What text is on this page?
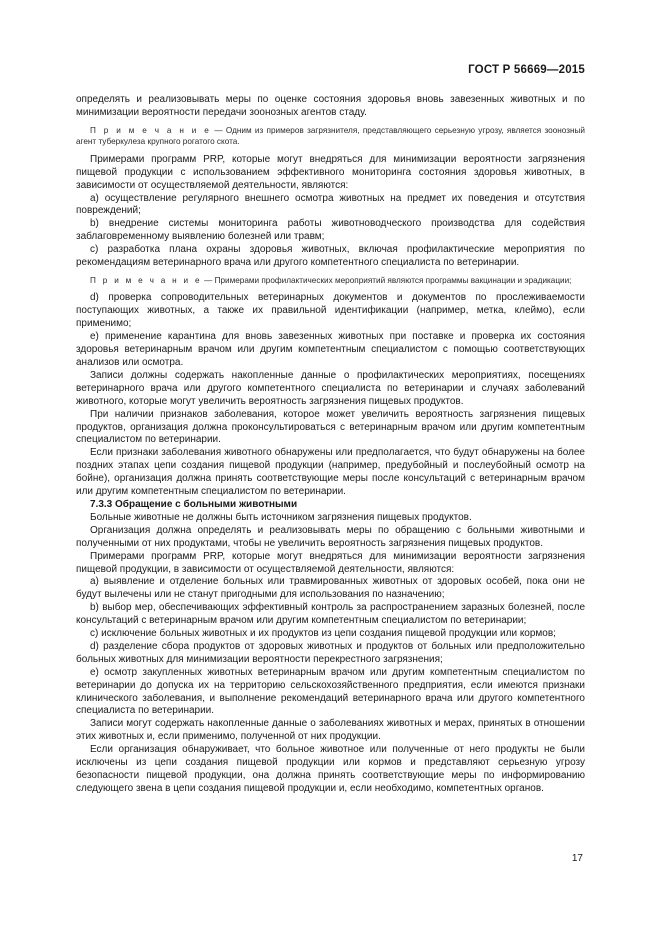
ГОСТ Р 56669—2015

определять и реализовывать меры по оценке состояния здоровья вновь завезенных животных и по минимизации вероятности передачи зоонозных агентов стаду.

П р и м е ч а н и е — Одним из примеров загрязнителя, представляющего серьезную угрозу, является зоонозный агент туберкулеза крупного рогатого скота.

Примерами программ PRP, которые могут внедряться для минимизации вероятности загрязнения пищевой продукции с использованием эффективного мониторинга состояния здоровья животных, в зависимости от осуществляемой деятельности, являются:

a) осуществление регулярного внешнего осмотра животных на предмет их поведения и отсутствия повреждений;

b) внедрение системы мониторинга работы животноводческого производства для содействия заблаговременному выявлению болезней или травм;

c) разработка плана охраны здоровья животных, включая профилактические мероприятия по рекомендациям ветеринарного врача или другого компетентного специалиста по ветеринарии.

П р и м е ч а н и е — Примерами профилактических мероприятий являются программы вакцинации и эрадикации;

d) проверка сопроводительных ветеринарных документов и документов по прослеживаемости поступающих животных, а также их правильной идентификации (например, метка, клеймо), если применимо;

e) применение карантина для вновь завезенных животных при поставке и проверка их состояния здоровья ветеринарным врачом или другим компетентным специалистом с помощью соответствующих анализов или осмотра.

Записи должны содержать накопленные данные о профилактических мероприятиях, посещениях ветеринарного врача или другого компетентного специалиста по ветеринарии и случаях заболеваний животного, которые могут увеличить вероятность загрязнения пищевых продуктов.

При наличии признаков заболевания, которое может увеличить вероятность загрязнения пищевых продуктов, организация должна проконсультироваться с ветеринарным врачом или другим компетентным специалистом по ветеринарии.

Если признаки заболевания животного обнаружены или предполагается, что будут обнаружены на более поздних этапах цепи создания пищевой продукции (например, предубойный и послеубойный осмотр на бойне), организация должна принять соответствующие меры после консультаций с ветеринарным врачом или другим компетентным специалистом по ветеринарии.

7.3.3 Обращение с больными животными

Больные животные не должны быть источником загрязнения пищевых продуктов.

Организация должна определять и реализовывать меры по обращению с больными животными и полученными от них продуктами, чтобы не увеличить вероятность загрязнения пищевых продуктов.

Примерами программ PRP, которые могут внедряться для минимизации вероятности загрязнения пищевой продукции, в зависимости от осуществляемой деятельности, являются:

a) выявление и отделение больных или травмированных животных от здоровых особей, пока они не будут вылечены или не станут пригодными для использования по назначению;

b) выбор мер, обеспечивающих эффективный контроль за распространением заразных болезней, после консультаций с ветеринарным врачом или другим компетентным специалистом по ветеринарии;

c) исключение больных животных и их продуктов из цепи создания пищевой продукции или кормов;

d) разделение сбора продуктов от здоровых животных и продуктов от больных или предположительно больных животных для минимизации вероятности перекрестного загрязнения;

e) осмотр закупленных животных ветеринарным врачом или другим компетентным специалистом по ветеринарии до допуска их на территорию сельскохозяйственного предприятия, если имеются признаки клинического заболевания, и выполнение рекомендаций ветеринарного врача или другого компетентного специалиста по ветеринарии.

Записи могут содержать накопленные данные о заболеваниях животных и мерах, принятых в отношении этих животных и, если применимо, полученной от них продукции.

Если организация обнаруживает, что больное животное или полученные от него продукты не были исключены из цепи создания пищевой продукции или кормов и представляют серьезную угрозу безопасности пищевой продукции, она должна принять соответствующие меры по информированию следующего звена в цепи создания пищевой продукции и, если необходимо, компетентных органов.

17
